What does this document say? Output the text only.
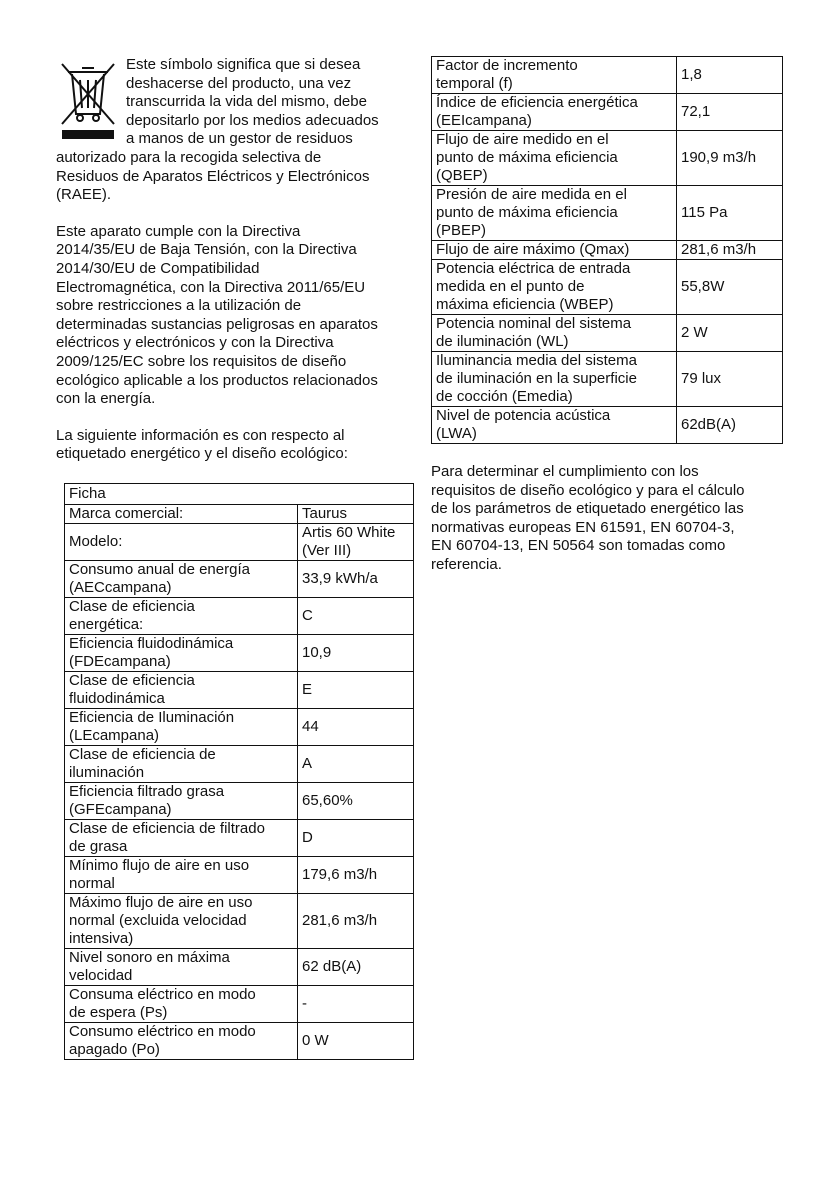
Este símbolo significa que si desea
deshacerse del producto, una vez
transcurrida la vida del mismo, debe
depositarlo por los medios adecuados
a manos de un gestor de residuos
autorizado para la recogida selectiva de
Residuos de Aparatos Eléctricos y Electrónicos
(RAEE).

Este aparato cumple con la Directiva
2014/35/EU de Baja Tensión, con la Directiva
2014/30/EU de Compatibilidad
Electromagnética, con la Directiva 2011/65/EU
sobre restricciones a la utilización de
determinadas sustancias peligrosas en aparatos
eléctricos y electrónicos y con la Directiva
2009/125/EC sobre los requisitos de diseño
ecológico aplicable a los productos relacionados
con la energía.

La siguiente información es con respecto al
etiquetado energético y el diseño ecológico:

Ficha	
Marca comercial:	Taurus
Modelo:	Artis 60 White
(Ver III)
Consumo anual de energía
(AECcampana)	33,9 kWh/a
Clase de eficiencia
energética:	C
Eficiencia fluidodinámica
(FDEcampana)	10,9
Clase de eficiencia
fluidodinámica	E
Eficiencia de Iluminación
(LEcampana)	44
Clase de eficiencia de
iluminación	A
Eficiencia filtrado grasa
(GFEcampana)	65,60%
Clase de eficiencia de filtrado
de grasa	D
Mínimo flujo de aire en uso
normal	179,6 m3/h
Máximo flujo de aire en uso
normal (excluida velocidad
intensiva)	281,6 m3/h
Nivel sonoro en máxima
velocidad	62 dB(A)
Consuma eléctrico en modo
de espera (Ps)	-
Consumo eléctrico en modo
apagado (Po)	0 W
Factor de incremento
temporal (f)	1,8
Índice de eficiencia energética
(EEIcampana)	72,1
Flujo de aire medido en el
punto de máxima eficiencia
(QBEP)	190,9 m3/h
Presión de aire medida en el
punto de máxima eficiencia
(PBEP)	115 Pa
Flujo de aire máximo (Qmax)	281,6 m3/h
Potencia eléctrica de entrada
medida en el punto de
máxima eficiencia (WBEP)	55,8W
Potencia nominal del sistema
de iluminación (WL)	2 W
Iluminancia media del sistema
de iluminación en la superficie
de cocción (Emedia)	79 lux
Nivel de potencia acústica
(LWA)	62dB(A)

Para determinar el cumplimiento con los
requisitos de diseño ecológico y para el cálculo
de los parámetros de etiquetado energético las
normativas europeas EN 61591, EN 60704-3,
EN 60704-13, EN 50564 son tomadas como
referencia.
